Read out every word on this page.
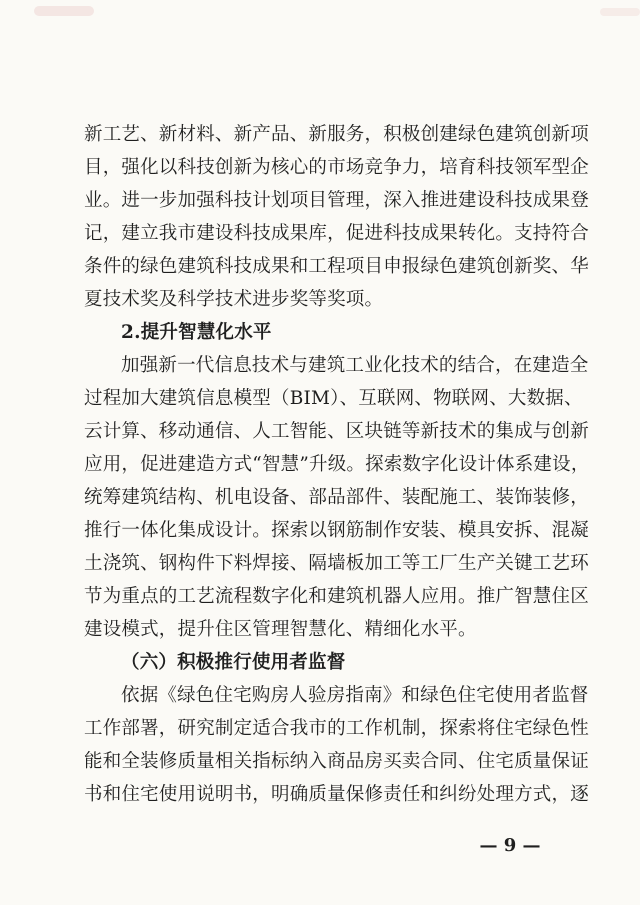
新工艺、新材料、新产品、新服务，积极创建绿色建筑创新项
目，强化以科技创新为核心的市场竞争力，培育科技领军型企
业。进一步加强科技计划项目管理，深入推进建设科技成果登
记，建立我市建设科技成果库，促进科技成果转化。支持符合
条件的绿色建筑科技成果和工程项目申报绿色建筑创新奖、华
夏技术奖及科学技术进步奖等奖项。
2.提升智慧化水平
加强新一代信息技术与建筑工业化技术的结合，在建造全
过程加大建筑信息模型（BIM）、互联网、物联网、大数据、
云计算、移动通信、人工智能、区块链等新技术的集成与创新
应用，促进建造方式“智慧”升级。探索数字化设计体系建设，
统筹建筑结构、机电设备、部品部件、装配施工、装饰装修，
推行一体化集成设计。探索以钢筋制作安装、模具安拆、混凝
土浇筑、钢构件下料焊接、隔墙板加工等工厂生产关键工艺环
节为重点的工艺流程数字化和建筑机器人应用。推广智慧住区
建设模式，提升住区管理智慧化、精细化水平。
（六）积极推行使用者监督
依据《绿色住宅购房人验房指南》和绿色住宅使用者监督
工作部署，研究制定适合我市的工作机制，探索将住宅绿色性
能和全装修质量相关指标纳入商品房买卖合同、住宅质量保证
书和住宅使用说明书，明确质量保修责任和纠纷处理方式，逐
— 9 —
